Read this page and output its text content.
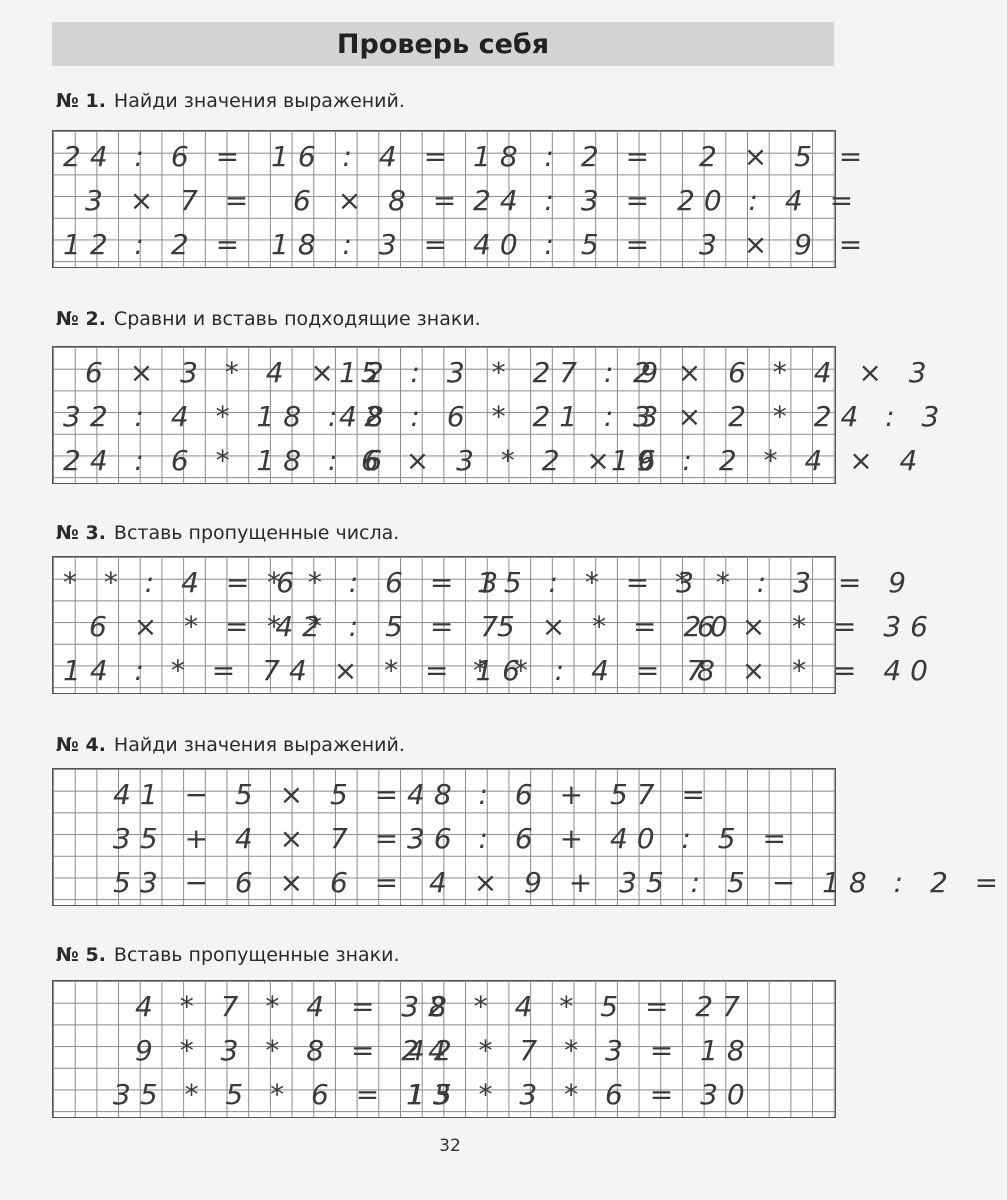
Проверь себя
№ 1. Найди значения выражений.
24 : 6 = 16 : 4 = 18 : 2 = 2 × 5 =
3 × 7 = 6 × 8 = 24 : 3 = 20 : 4 =
12 : 2 = 18 : 3 = 40 : 5 = 3 × 9 =
№ 2. Сравни и вставь подходящие знаки.
6 × 3 * 4 × 5
12 : 3 * 27 : 9
2 × 6 * 4 × 3
32 : 4 * 18 : 2
48 : 6 * 21 : 3
3 × 2 * 24 : 3
24 : 6 * 18 : 6
6 × 3 * 2 × 9
16 : 2 * 4 × 4
№ 3. Вставь пропущенные числа.
* * : 4 = 6
* * : 6 = 3
15 : * = 3
* * : 3 = 9
6 × * = 42
* * : 5 = 7
5 × * = 20
6 × * = 36
14 : * = 7 4 × * = 16
* * : 4 = 7
8 × * = 40
№ 4. Найди значения выражений.
41 − 5 × 5 = 48 : 6 + 57 =
35 + 4 × 7 = 36 : 6 + 40 : 5 =
53 − 6 × 6 = 4 × 9 + 35 : 5 − 18 : 2 =
№ 5. Вставь пропущенные знаки.
4 * 7 * 4 = 32
8 * 4 * 5 = 27
9 * 3 * 8 = 24
42 * 7 * 3 = 18
35 * 5 * 6 = 13
15 * 3 * 6 = 30
32
